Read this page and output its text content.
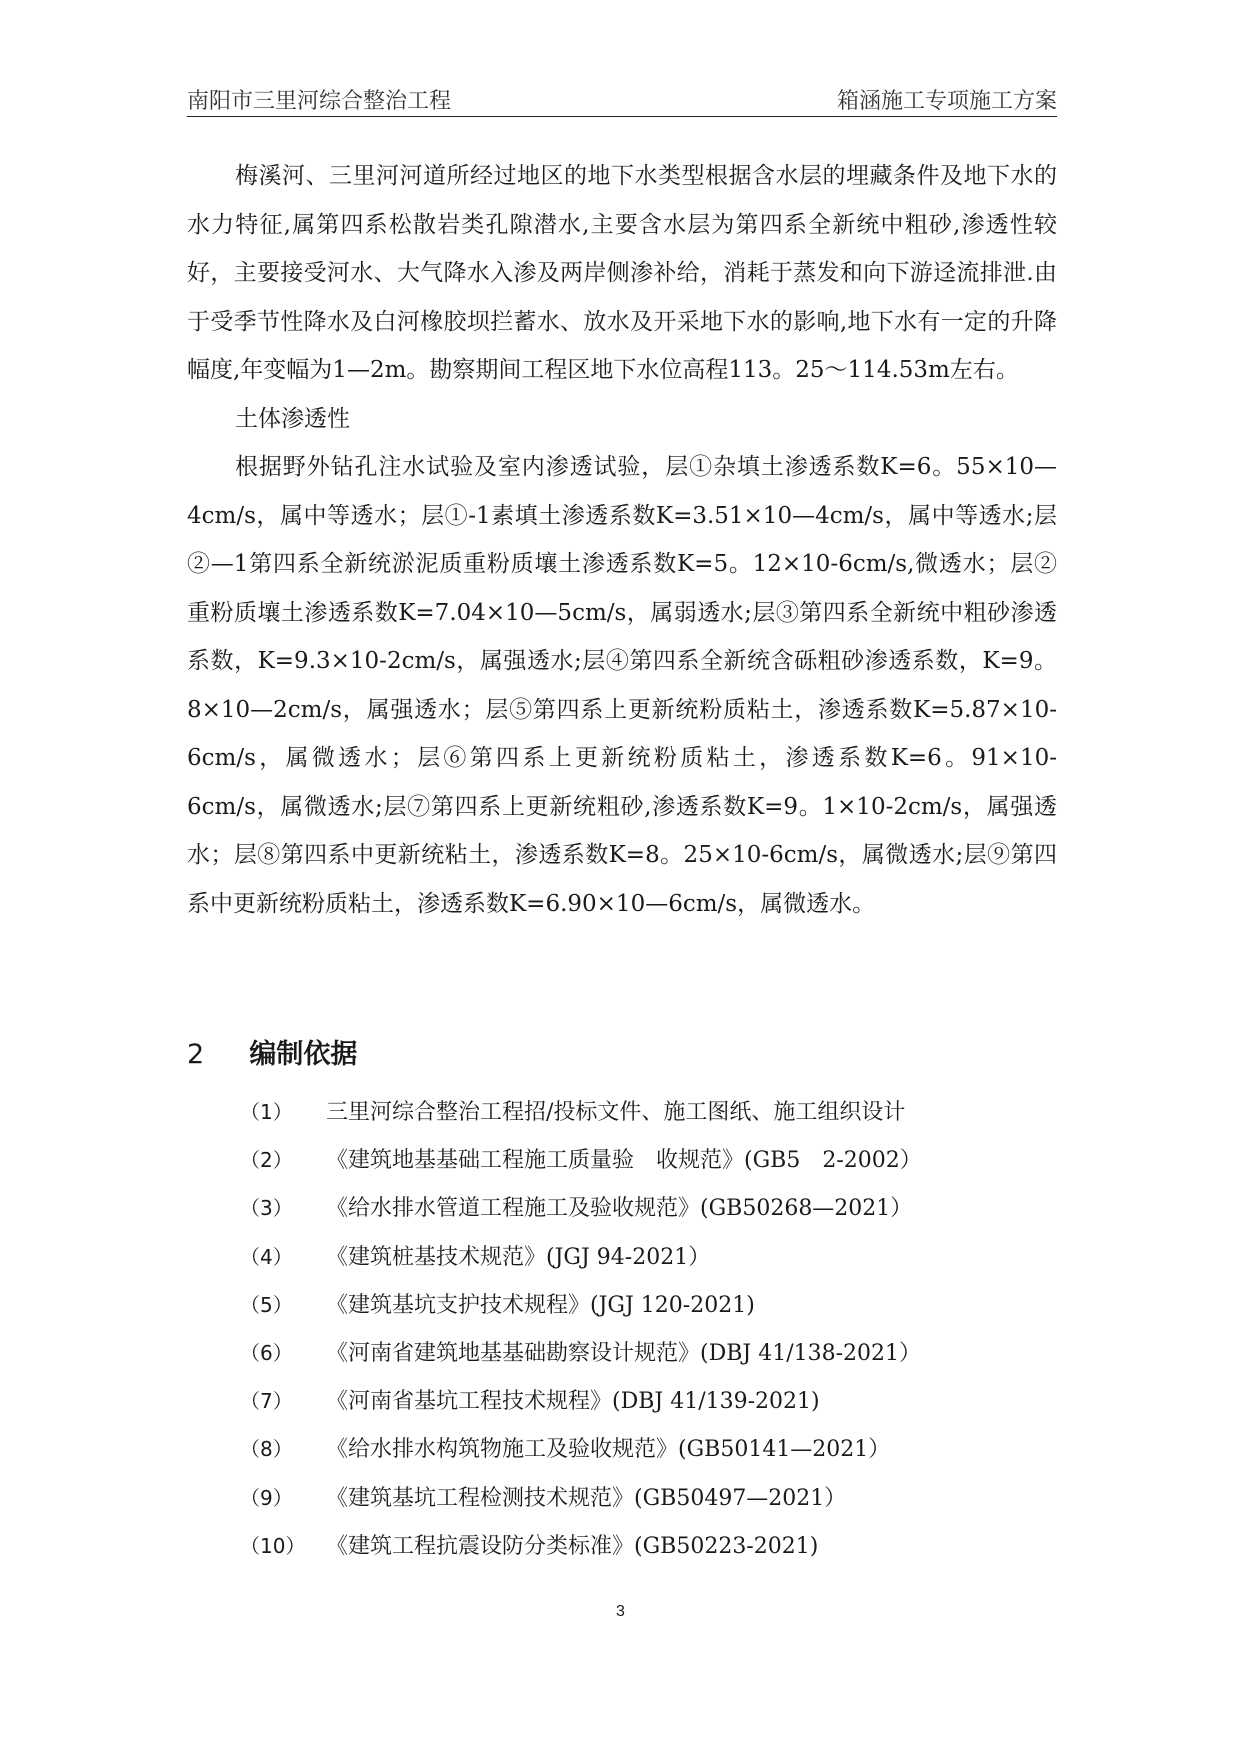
南阳市三里河综合整治工程	箱涵施工专项施工方案

梅溪河、三里河河道所经过地区的地下水类型根据含水层的埋藏条件及地下水的水力特征,属第四系松散岩类孔隙潜水,主要含水层为第四系全新统中粗砂,渗透性较好，主要接受河水、大气降水入渗及两岸侧渗补给，消耗于蒸发和向下游迳流排泄.由于受季节性降水及白河橡胶坝拦蓄水、放水及开采地下水的影响,地下水有一定的升降幅度,年变幅为1—2m。勘察期间工程区地下水位高程113。25～114.53m左右。

土体渗透性

根据野外钻孔注水试验及室内渗透试验，层①杂填土渗透系数K=6。55×10—4cm/s，属中等透水；层①-1素填土渗透系数K=3.51×10—4cm/s，属中等透水;层②—1第四系全新统淤泥质重粉质壤土渗透系数K=5。12×10-6cm/s,微透水；层②重粉质壤土渗透系数K=7.04×10—5cm/s，属弱透水;层③第四系全新统中粗砂渗透系数，K=9.3×10-2cm/s，属强透水;层④第四系全新统含砾粗砂渗透系数，K=9。8×10—2cm/s，属强透水；层⑤第四系上更新统粉质粘土，渗透系数K=5.87×10-6cm/s，属微透水；层⑥第四系上更新统粉质粘土，渗透系数K=6。91×10-6cm/s，属微透水;层⑦第四系上更新统粗砂,渗透系数K=9。1×10-2cm/s，属强透水；层⑧第四系中更新统粘土，渗透系数K=8。25×10-6cm/s，属微透水;层⑨第四系中更新统粉质粘土，渗透系数K=6.90×10—6cm/s，属微透水。

2 编制依据
（1） 三里河综合整治工程招/投标文件、施工图纸、施工组织设计
（2） 《建筑地基基础工程施工质量验　收规范》(GB5　2-2002）
（3） 《给水排水管道工程施工及验收规范》(GB50268—2021）
（4） 《建筑桩基技术规范》(JGJ 94-2021）
（5） 《建筑基坑支护技术规程》(JGJ 120-2021)
（6） 《河南省建筑地基基础勘察设计规范》(DBJ 41/138-2021）
（7） 《河南省基坑工程技术规程》(DBJ 41/139-2021)
（8） 《给水排水构筑物施工及验收规范》(GB50141—2021）
（9） 《建筑基坑工程检测技术规范》(GB50497—2021）
（10） 《建筑工程抗震设防分类标准》(GB50223-2021)
3
